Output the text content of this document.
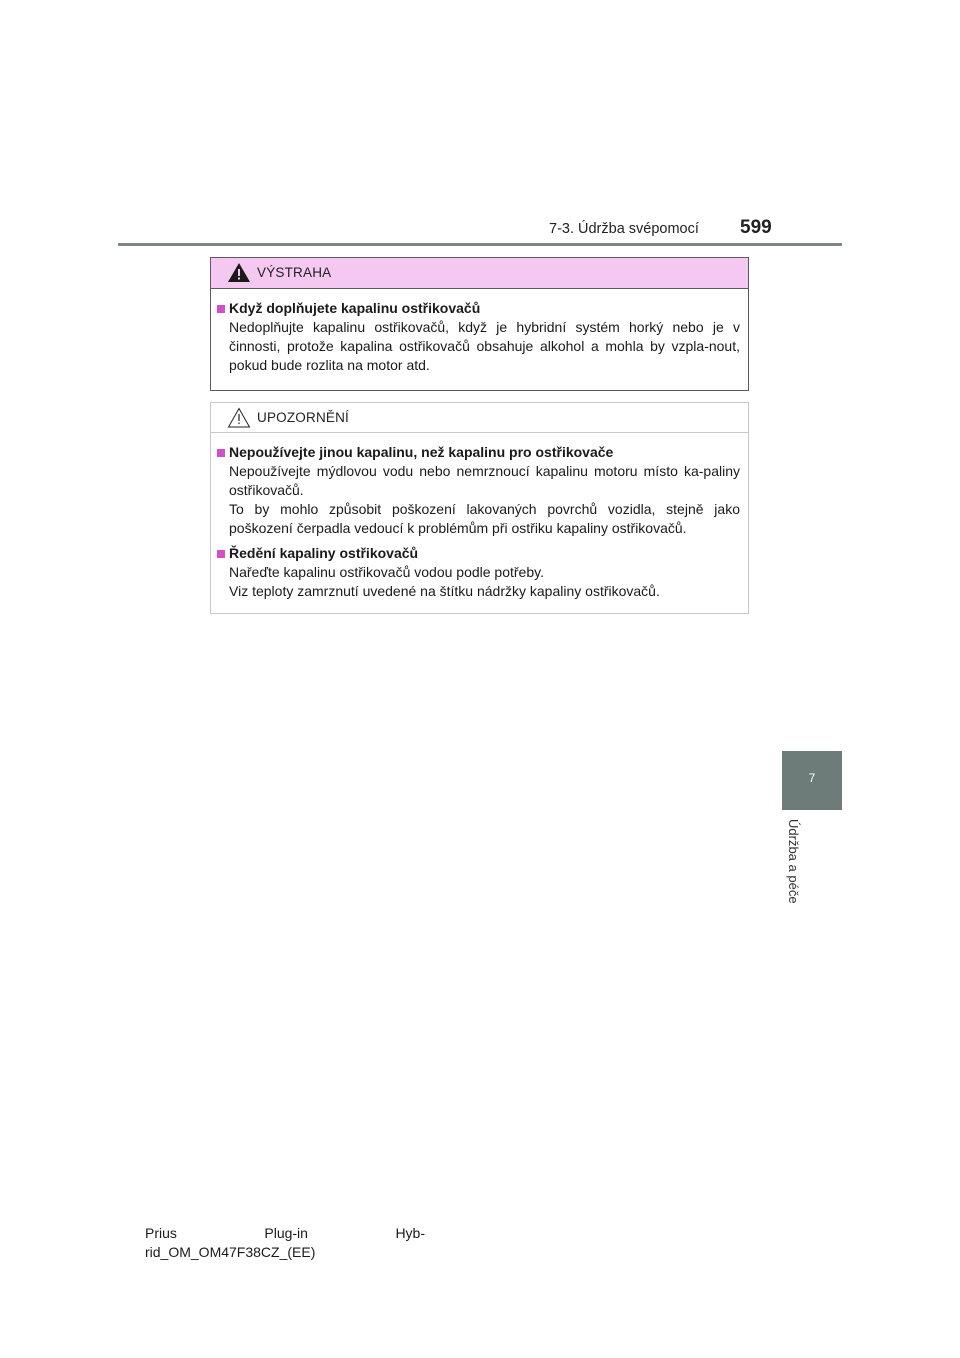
7-3. Údržba svépomocí 599
7
Údržba a péče
VÝSTRAHA
Když doplňujete kapalinu ostřikovačů

Nedoplňujte kapalinu ostřikovačů, když je hybridní systém horký nebo je v činnosti, protože kapalina ostřikovačů obsahuje alkohol a mohla by vzpla-nout, pokud bude rozlita na motor atd.

UPOZORNĚNÍ
Nepoužívejte jinou kapalinu, než kapalinu pro ostřikovače

Nepoužívejte mýdlovou vodu nebo nemrznoucí kapalinu motoru místo ka-paliny ostřikovačů.

To by mohlo způsobit poškození lakovaných povrchů vozidla, stejně jako poškození čerpadla vedoucí k problémům při ostřiku kapaliny ostřikovačů.

Ředění kapaliny ostřikovačů

Nařeďte kapalinu ostřikovačů vodou podle potřeby.

Viz teploty zamrznutí uvedené na štítku nádržky kapaliny ostřikovačů.

Prius	Plug-in	Hyb-
rid_OM_OM47F38CZ_(EE)
